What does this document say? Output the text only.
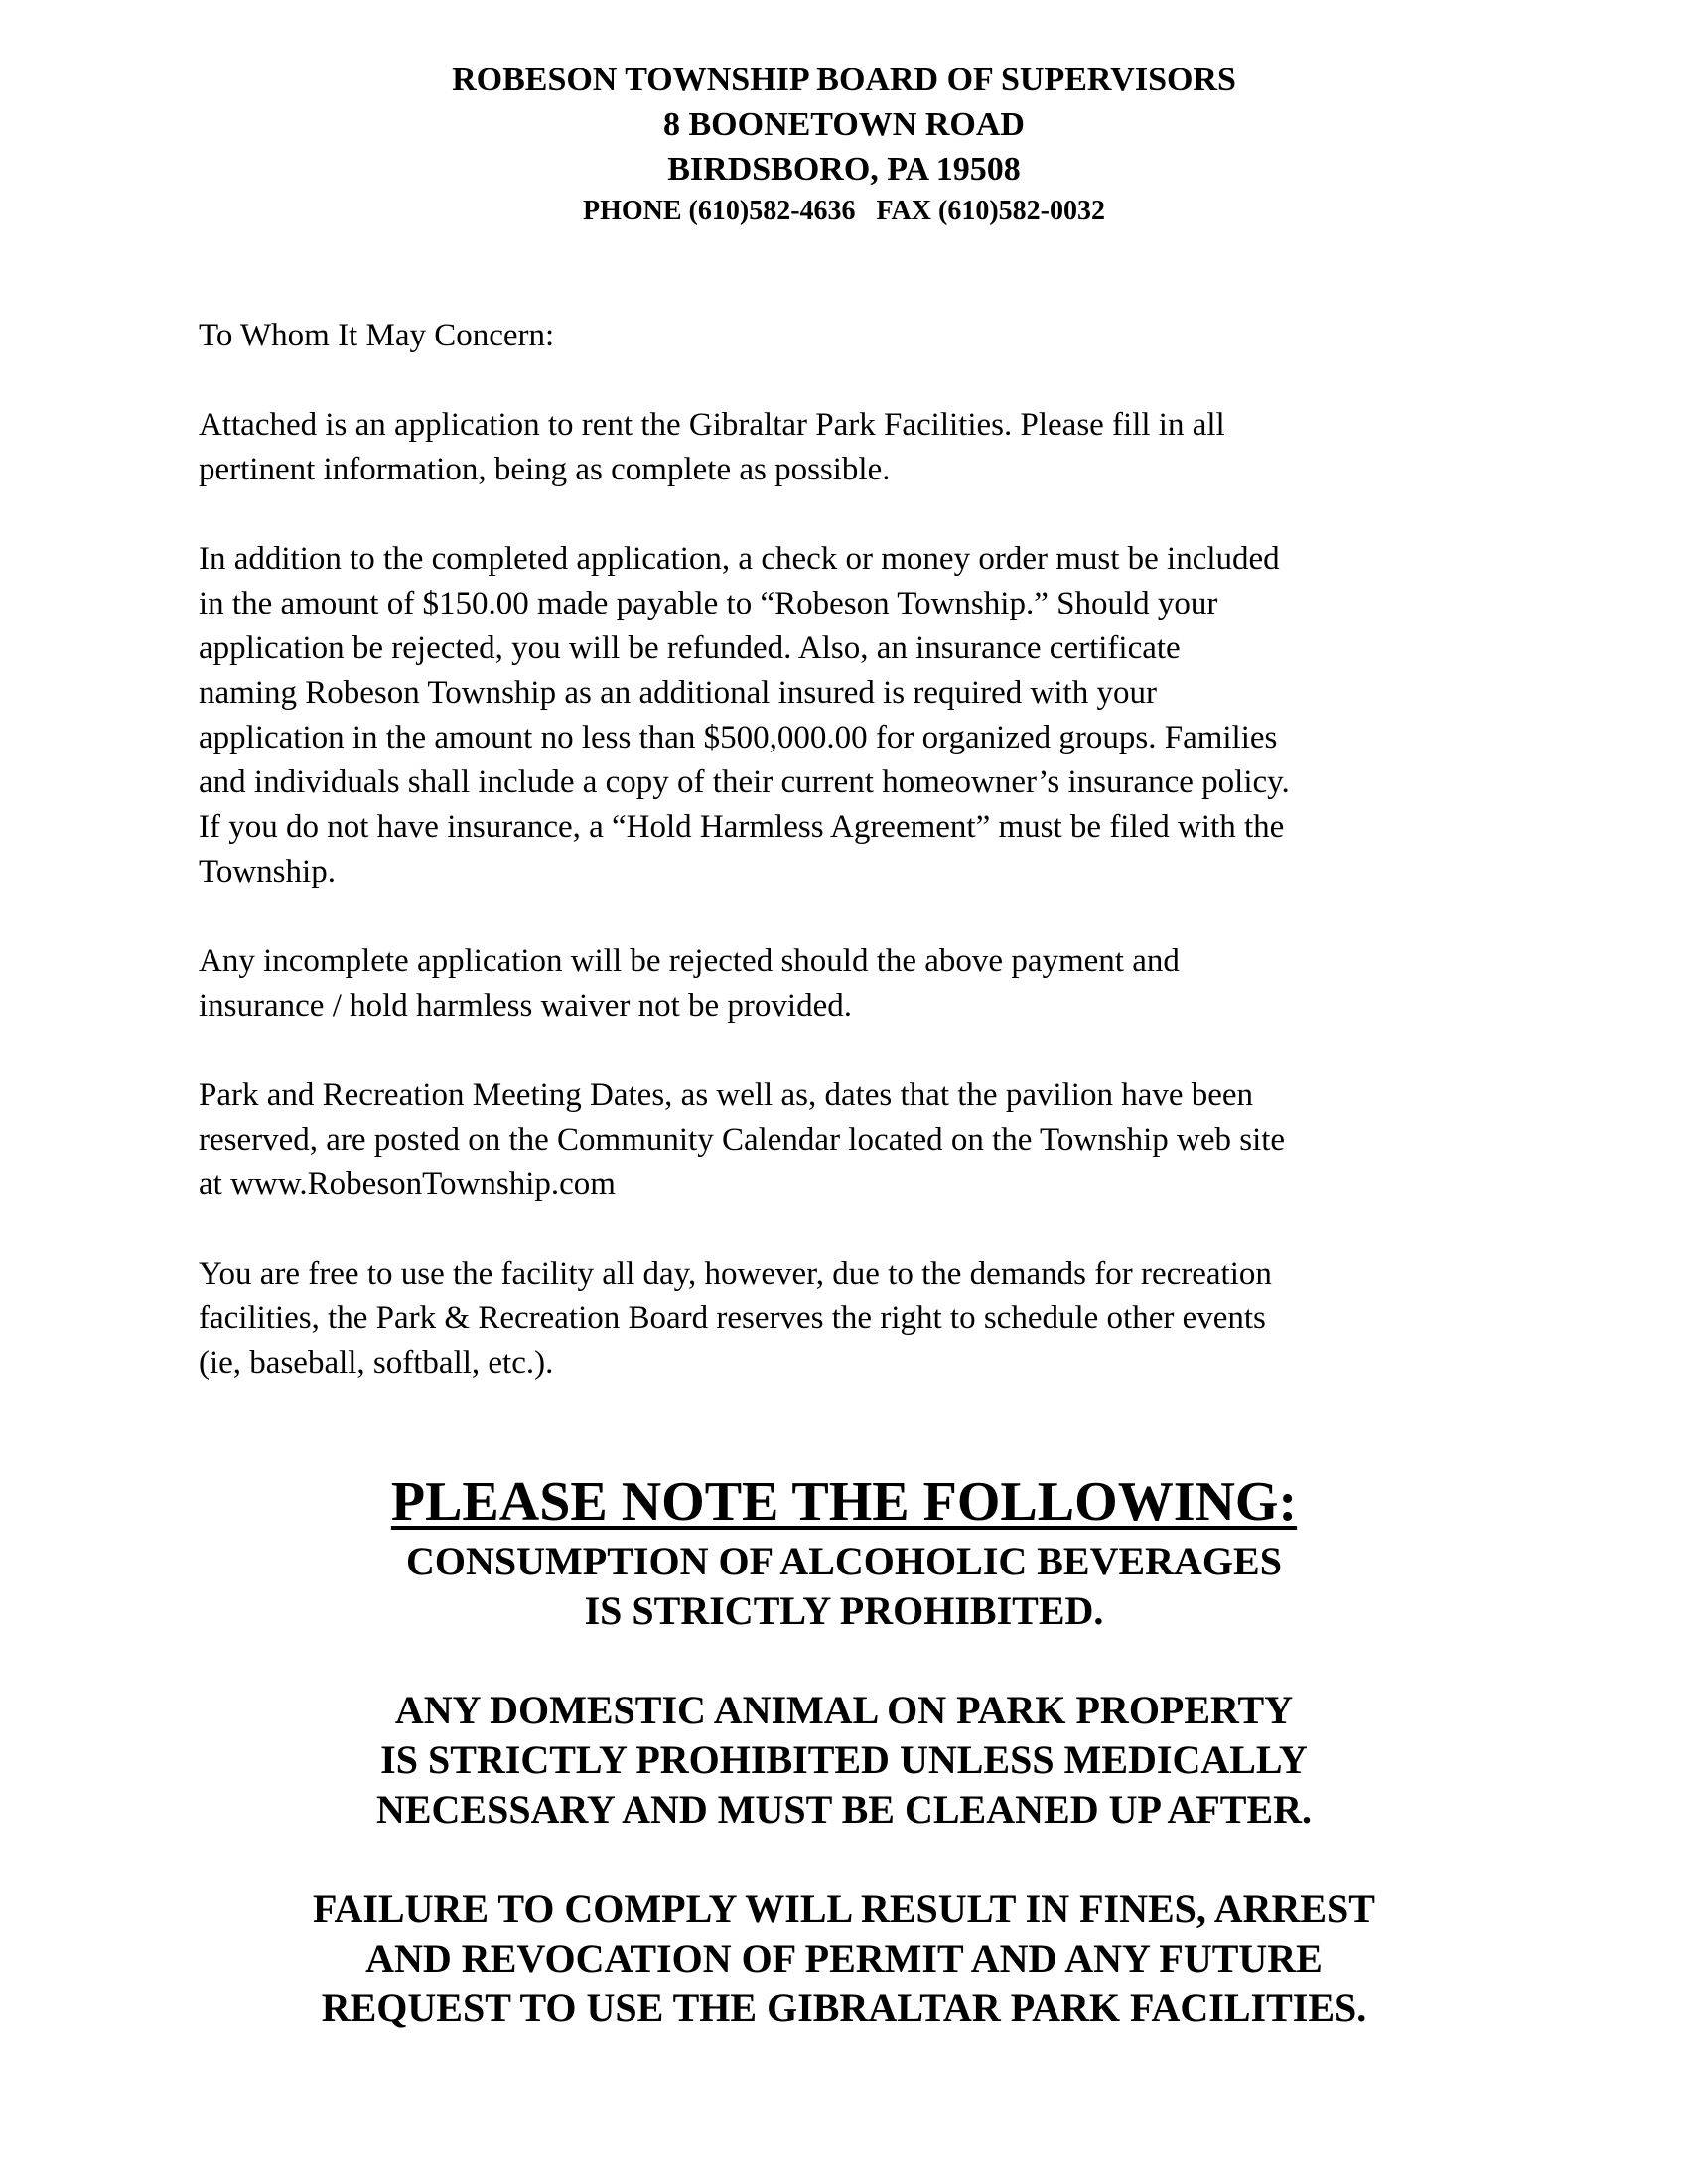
ROBESON TOWNSHIP BOARD OF SUPERVISORS
8 BOONETOWN ROAD
BIRDSBORO, PA 19508
PHONE (610)582-4636   FAX (610)582-0032

To Whom It May Concern:

Attached is an application to rent the Gibraltar Park Facilities. Please fill in all
pertinent information, being as complete as possible.

In addition to the completed application, a check or money order must be included
in the amount of $150.00 made payable to “Robeson Township.” Should your
application be rejected, you will be refunded. Also, an insurance certificate
naming Robeson Township as an additional insured is required with your
application in the amount no less than $500,000.00 for organized groups. Families
and individuals shall include a copy of their current homeowner’s insurance policy.
If you do not have insurance, a “Hold Harmless Agreement” must be filed with the
Township.

Any incomplete application will be rejected should the above payment and
insurance / hold harmless waiver not be provided.

Park and Recreation Meeting Dates, as well as, dates that the pavilion have been
reserved, are posted on the Community Calendar located on the Township web site
at www.RobesonTownship.com

You are free to use the facility all day, however, due to the demands for recreation
facilities, the Park & Recreation Board reserves the right to schedule other events
(ie, baseball, softball, etc.).

PLEASE NOTE THE FOLLOWING:
CONSUMPTION OF ALCOHOLIC BEVERAGES
IS STRICTLY PROHIBITED.
ANY DOMESTIC ANIMAL ON PARK PROPERTY
IS STRICTLY PROHIBITED UNLESS MEDICALLY
NECESSARY AND MUST BE CLEANED UP AFTER.
FAILURE TO COMPLY WILL RESULT IN FINES, ARREST
AND REVOCATION OF PERMIT AND ANY FUTURE
REQUEST TO USE THE GIBRALTAR PARK FACILITIES.
